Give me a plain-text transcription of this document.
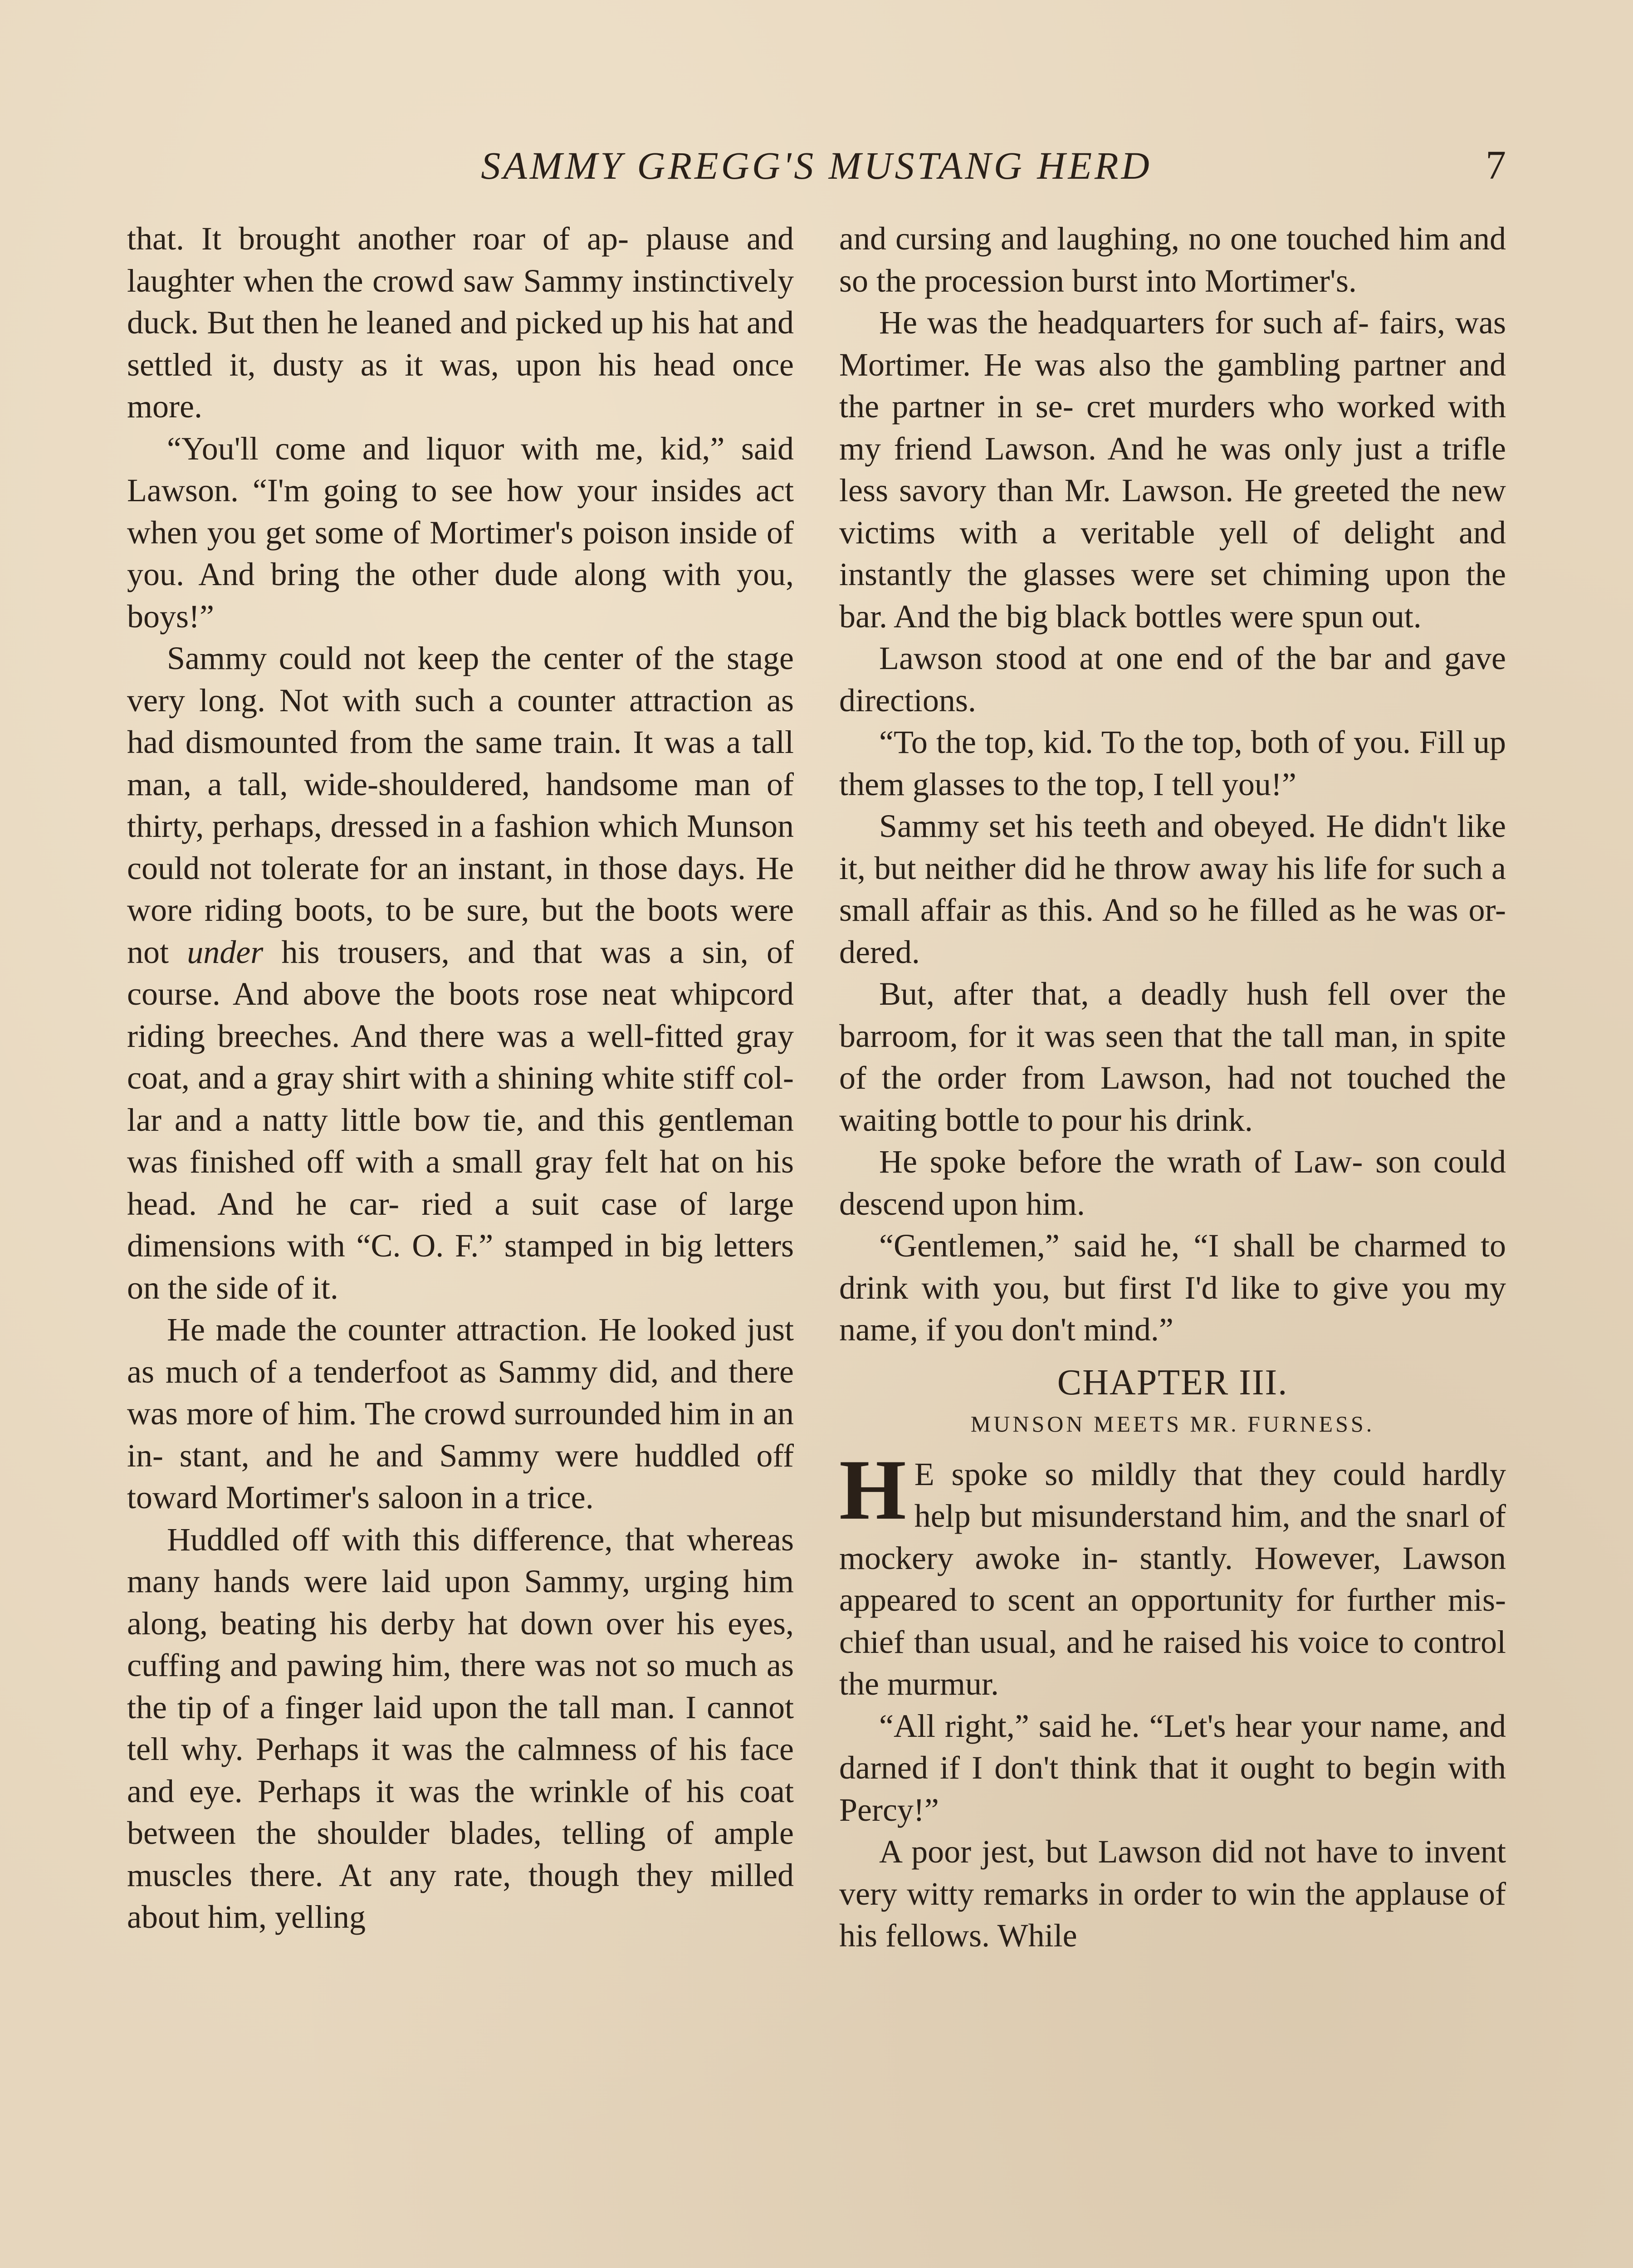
SAMMY GREGG'S MUSTANG HERD	7

that. It brought another roar of ap- plause and laughter when the crowd saw Sammy instinctively duck. But then he leaned and picked up his hat and settled it, dusty as it was, upon his head once more.

“You'll come and liquor with me, kid,” said Lawson. “I'm going to see how your insides act when you get some of Mortimer's poison inside of you. And bring the other dude along with you, boys!”

Sammy could not keep the center of the stage very long. Not with such a counter attraction as had dismounted from the same train. It was a tall man, a tall, wide-shouldered, handsome man of thirty, perhaps, dressed in a fashion which Munson could not tolerate for an instant, in those days. He wore riding boots, to be sure, but the boots were not under his trousers, and that was a sin, of course. And above the boots rose neat whipcord riding breeches. And there was a well-fitted gray coat, and a gray shirt with a shining white stiff col- lar and a natty little bow tie, and this gentleman was finished off with a small gray felt hat on his head. And he car- ried a suit case of large dimensions with “C. O. F.” stamped in big letters on the side of it.

He made the counter attraction. He looked just as much of a tenderfoot as Sammy did, and there was more of him. The crowd surrounded him in an in- stant, and he and Sammy were huddled off toward Mortimer's saloon in a trice.

Huddled off with this difference, that whereas many hands were laid upon Sammy, urging him along, beating his derby hat down over his eyes, cuffing and pawing him, there was not so much as the tip of a finger laid upon the tall man. I cannot tell why. Perhaps it was the calmness of his face and eye. Perhaps it was the wrinkle of his coat between the shoulder blades, telling of ample muscles there. At any rate, though they milled about him, yelling

and cursing and laughing, no one touched him and so the procession burst into Mortimer's.

He was the headquarters for such af- fairs, was Mortimer. He was also the gambling partner and the partner in se- cret murders who worked with my friend Lawson. And he was only just a trifle less savory than Mr. Lawson. He greeted the new victims with a veritable yell of delight and instantly the glasses were set chiming upon the bar. And the big black bottles were spun out.

Lawson stood at one end of the bar and gave directions.

“To the top, kid. To the top, both of you. Fill up them glasses to the top, I tell you!”

Sammy set his teeth and obeyed. He didn't like it, but neither did he throw away his life for such a small affair as this. And so he filled as he was or- dered.

But, after that, a deadly hush fell over the barroom, for it was seen that the tall man, in spite of the order from Lawson, had not touched the waiting bottle to pour his drink.

He spoke before the wrath of Law- son could descend upon him.

“Gentlemen,” said he, “I shall be charmed to drink with you, but first I'd like to give you my name, if you don't mind.”

CHAPTER III.
MUNSON MEETS MR. FURNESS.

H E spoke so mildly that they could hardly help but misunderstand him, and the snarl of mockery awoke in- stantly. However, Lawson appeared to scent an opportunity for further mis- chief than usual, and he raised his voice to control the murmur.

“All right,” said he. “Let's hear your name, and darned if I don't think that it ought to begin with Percy!”

A poor jest, but Lawson did not have to invent very witty remarks in order to win the applause of his fellows. While
